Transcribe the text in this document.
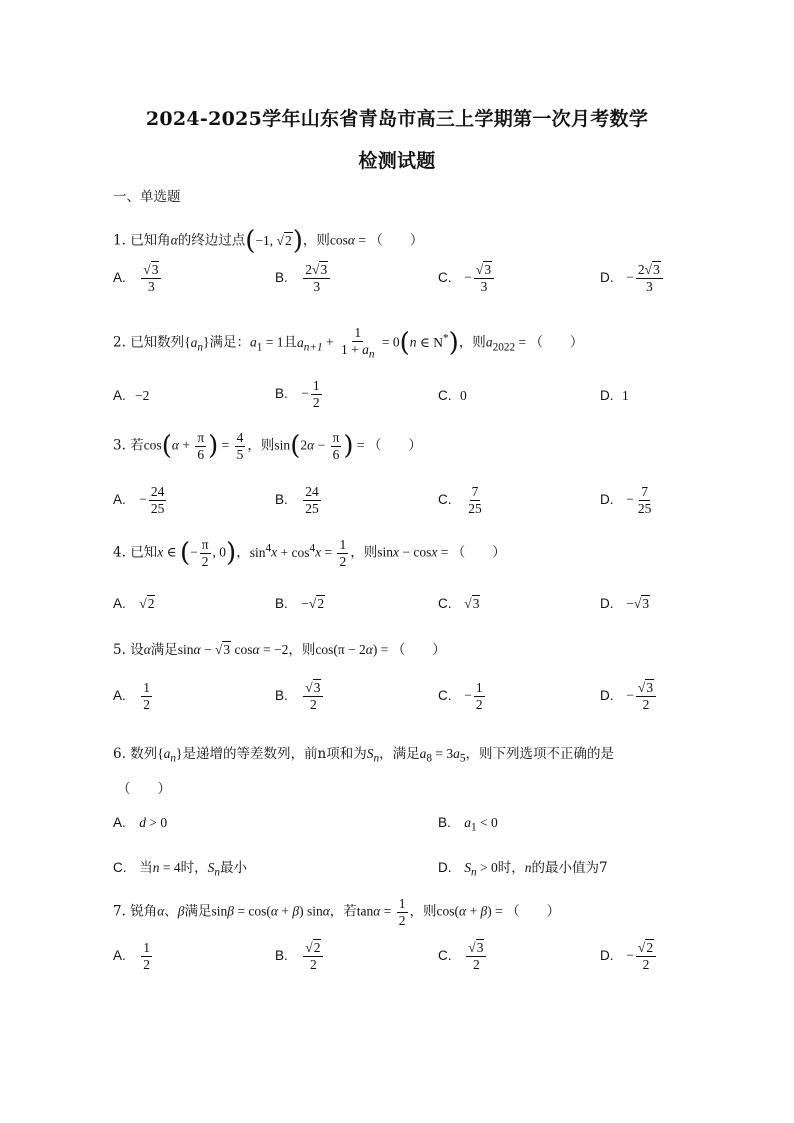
2024-2025学年山东省青岛市高三上学期第一次月考数学
检测试题
一、单选题
1. 已知角α的终边过点(−1, √2)，则cosα = （　　）
A. $\frac{√3}{3}$	B. $\frac{2√3}{3}$	C. − $\frac{√3}{3}$	D. − $\frac{2√3}{3}$
2. 已知数列$\{a_n\}$满足：$a_1 = 1$且$a_{n+1} + \frac{1}{1 + a_n} = 0(n$ ∈ N*)，则$a_{2022}$ = （　　）
A. −2	B. − $\frac{1}{2}$	C. 0	D. 1
3. 若$\cos(\alpha + \frac{\pi}{6}$ ) = $\frac{4}{5}$ ，则$\sin(2\alpha - \frac{\pi}{6}$ ) = （　　）
A. − $\frac{24}{25}$	B. $\frac{24}{25}$	C. $\frac{7}{25}$	D. − $\frac{7}{25}$
4. 已知x ∈ (− $\frac{\pi}{2}$ , 0)，$\sin^4x + \cos^4x = \frac{1}{2}$ ，则sinx − cosx = （　　）
A. √2	B. −√2	C. √3	D. −√3
5. 设α满足sinα − √3 cosα = −2，则cos(π − 2α) = （　　）
A. $\frac{1}{2}$	B. $\frac{√3}{2}$	C. − $\frac{1}{2}$	D. − $\frac{√3}{2}$
6. 数列$\{a_n\}$是递增的等差数列，前n项和为$S_n$，满足$a_8 = 3a_5$，则下列选项不正确的是
（　　）
A. d > 0	B. $a_1 < 0$
C. 当n = 4时，$S_n$最小	D. $S_n > 0$时，n的最小值为7
7. 锐角α、β满足sinβ = cos(α + β) sinα，若$\tan\alpha = \frac{1}{2}$ ，则cos(α + β) = （　　）
A. $\frac{1}{2}$	B. $\frac{√2}{2}$	C. $\frac{√3}{2}$	D. − $\frac{√2}{2}$
